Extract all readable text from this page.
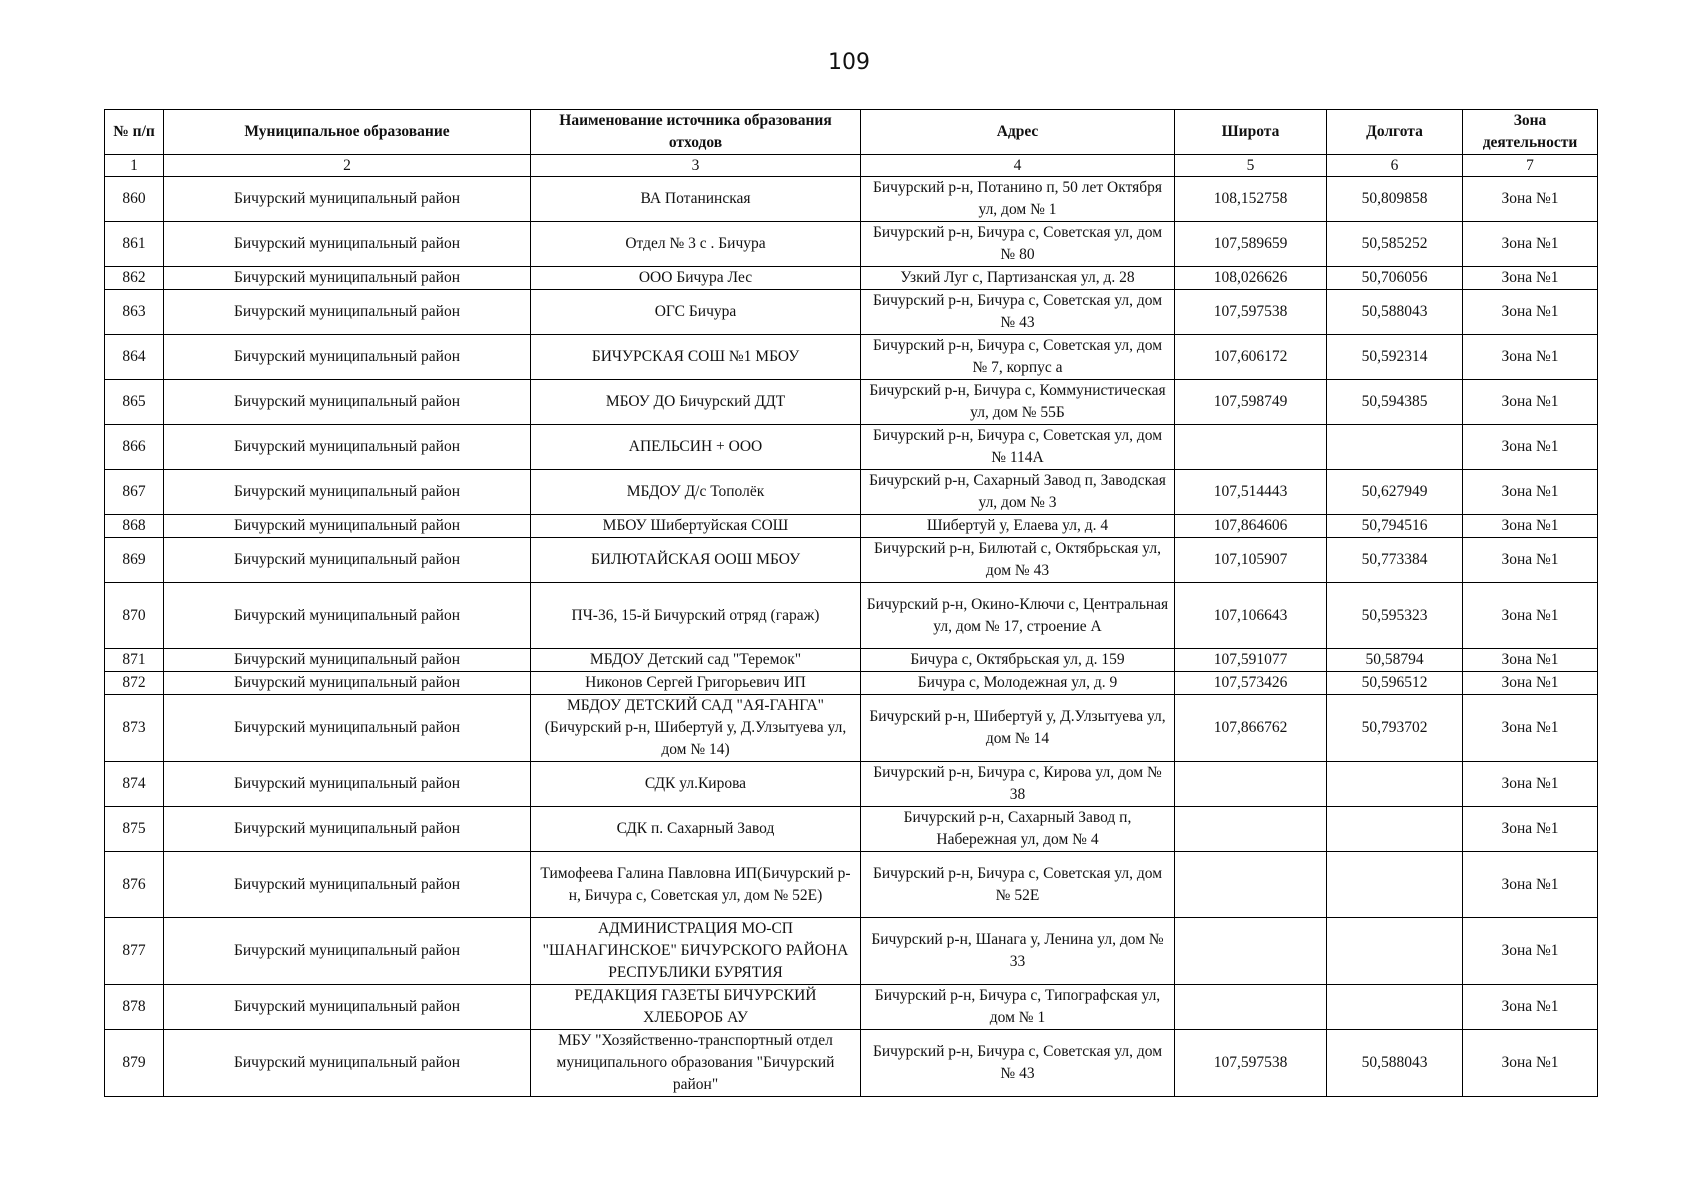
109
№ п/п	Муниципальное образование	Наименование источника образования отходов	Адрес	Широта	Долгота	Зона деятельности
1	2	3	4	5	6	7
860	Бичурский муниципальный район	ВА Потанинская	Бичурский р-н, Потанино п, 50 лет Октября ул, дом № 1	108,152758	50,809858	Зона №1
861	Бичурский муниципальный район	Отдел № 3 с . Бичура	Бичурский р-н, Бичура с, Советская ул, дом № 80	107,589659	50,585252	Зона №1
862	Бичурский муниципальный район	ООО Бичура Лес	Узкий Луг с, Партизанская ул, д. 28	108,026626	50,706056	Зона №1
863	Бичурский муниципальный район	ОГС Бичура	Бичурский р-н, Бичура с, Советская ул, дом № 43	107,597538	50,588043	Зона №1
864	Бичурский муниципальный район	БИЧУРСКАЯ СОШ №1 МБОУ	Бичурский р-н, Бичура с, Советская ул, дом № 7, корпус а	107,606172	50,592314	Зона №1
865	Бичурский муниципальный район	МБОУ ДО Бичурский ДДТ	Бичурский р-н, Бичура с, Коммунистическая ул, дом № 55Б	107,598749	50,594385	Зона №1
866	Бичурский муниципальный район	АПЕЛЬСИН + ООО	Бичурский р-н, Бичура с, Советская ул, дом № 114А			Зона №1
867	Бичурский муниципальный район	МБДОУ Д/с Тополёк	Бичурский р-н, Сахарный Завод п, Заводская ул, дом № 3	107,514443	50,627949	Зона №1
868	Бичурский муниципальный район	МБОУ Шибертуйская СОШ	Шибертуй у, Елаева ул, д. 4	107,864606	50,794516	Зона №1
869	Бичурский муниципальный район	БИЛЮТАЙСКАЯ ООШ МБОУ	Бичурский р-н, Билютай с, Октябрьская ул, дом № 43	107,105907	50,773384	Зона №1
870	Бичурский муниципальный район	ПЧ-36, 15-й Бичурский отряд (гараж)	Бичурский р-н, Окино-Ключи с, Центральная ул, дом № 17, строение А	107,106643	50,595323	Зона №1
871	Бичурский муниципальный район	МБДОУ Детский сад "Теремок"	Бичура с, Октябрьская ул, д. 159	107,591077	50,58794	Зона №1
872	Бичурский муниципальный район	Никонов Сергей Григорьевич ИП	Бичура с, Молодежная ул, д. 9	107,573426	50,596512	Зона №1
873	Бичурский муниципальный район	МБДОУ ДЕТСКИЙ САД "АЯ-ГАНГА"(Бичурский р-н, Шибертуй у, Д.Улзытуева ул, дом № 14)	Бичурский р-н, Шибертуй у, Д.Улзытуева ул, дом № 14	107,866762	50,793702	Зона №1
874	Бичурский муниципальный район	СДК ул.Кирова	Бичурский р-н, Бичура с, Кирова ул, дом № 38			Зона №1
875	Бичурский муниципальный район	СДК п. Сахарный Завод	Бичурский р-н, Сахарный Завод п, Набережная ул, дом № 4			Зона №1
876	Бичурский муниципальный район	Тимофеева Галина Павловна ИП(Бичурский р-н, Бичура с, Советская ул, дом № 52Е)	Бичурский р-н, Бичура с, Советская ул, дом № 52Е			Зона №1
877	Бичурский муниципальный район	АДМИНИСТРАЦИЯ МО-СП "ШАНАГИНСКОЕ" БИЧУРСКОГО РАЙОНА РЕСПУБЛИКИ БУРЯТИЯ	Бичурский р-н, Шанага у, Ленина ул, дом № 33			Зона №1
878	Бичурский муниципальный район	РЕДАКЦИЯ ГАЗЕТЫ БИЧУРСКИЙ ХЛЕБОРОБ АУ	Бичурский р-н, Бичура с, Типографская ул, дом № 1			Зона №1
879	Бичурский муниципальный район	МБУ "Хозяйственно-транспортный отдел муниципального образования "Бичурский район"	Бичурский р-н, Бичура с, Советская ул, дом № 43	107,597538	50,588043	Зона №1
